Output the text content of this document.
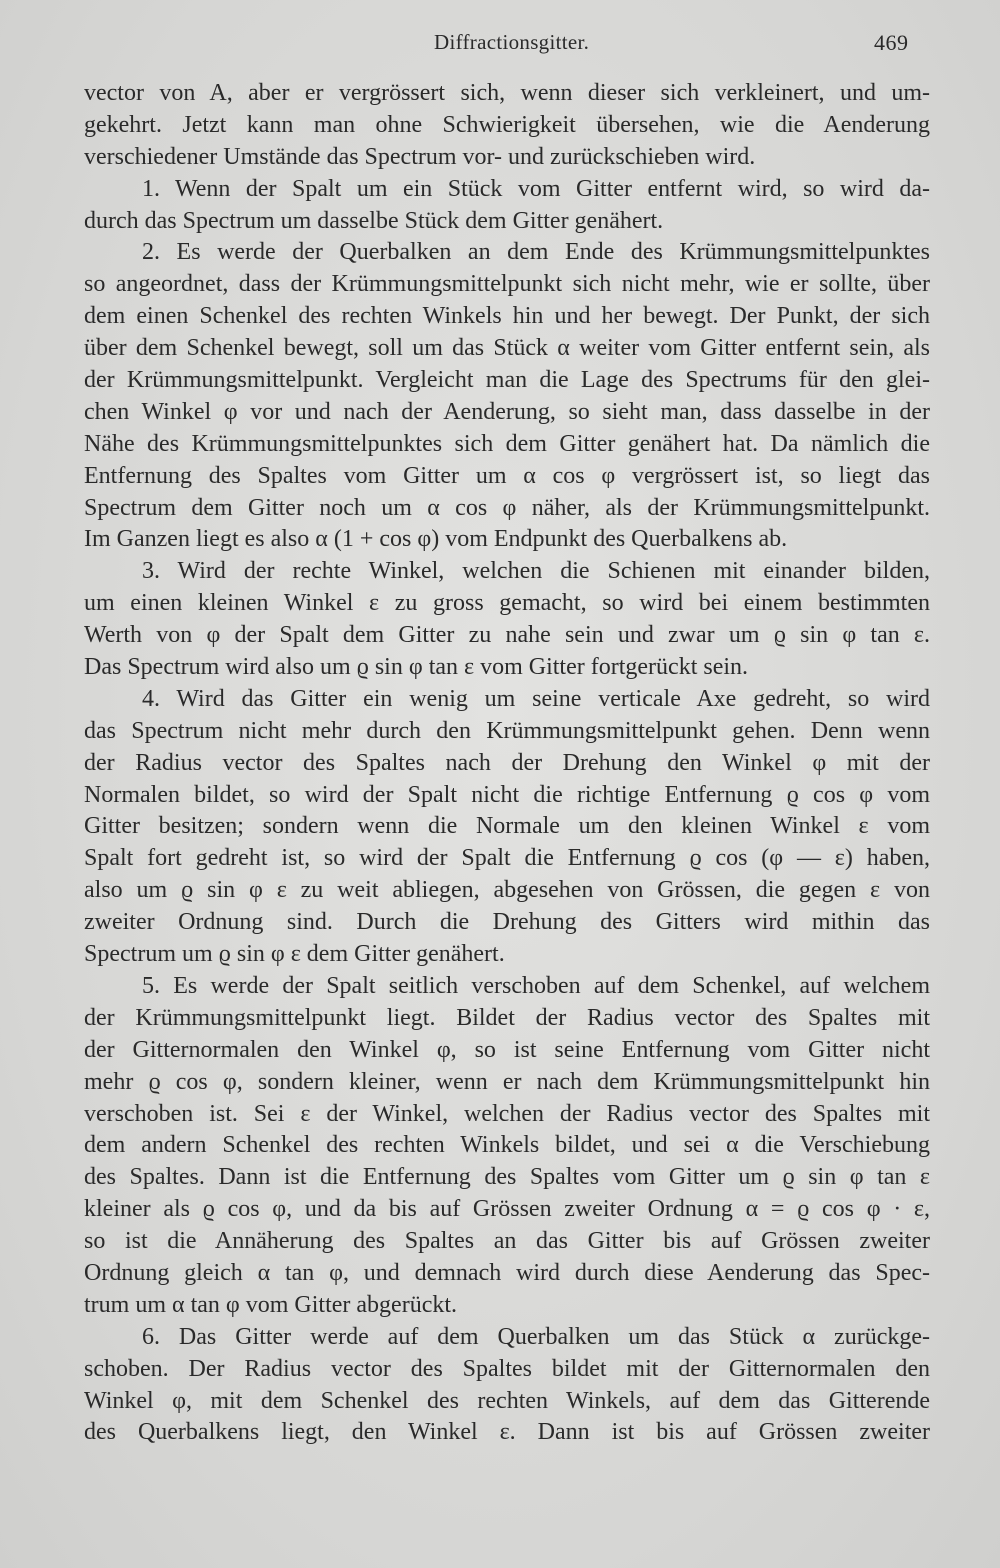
Diffractionsgitter.	469
vector von A, aber er vergrössert sich, wenn dieser sich verkleinert, und um-
gekehrt. Jetzt kann man ohne Schwierigkeit übersehen, wie die Aenderung
verschiedener Umstände das Spectrum vor- und zurückschieben wird.
1. Wenn der Spalt um ein Stück vom Gitter entfernt wird, so wird da-
durch das Spectrum um dasselbe Stück dem Gitter genähert.
2. Es werde der Querbalken an dem Ende des Krümmungsmittelpunktes
so angeordnet, dass der Krümmungsmittelpunkt sich nicht mehr, wie er sollte, über
dem einen Schenkel des rechten Winkels hin und her bewegt. Der Punkt, der sich
über dem Schenkel bewegt, soll um das Stück α weiter vom Gitter entfernt sein, als
der Krümmungsmittelpunkt. Vergleicht man die Lage des Spectrums für den glei-
chen Winkel φ vor und nach der Aenderung, so sieht man, dass dasselbe in der
Nähe des Krümmungsmittelpunktes sich dem Gitter genähert hat. Da nämlich die
Entfernung des Spaltes vom Gitter um α cos φ vergrössert ist, so liegt das
Spectrum dem Gitter noch um α cos φ näher, als der Krümmungsmittelpunkt.
Im Ganzen liegt es also α (1 + cos φ) vom Endpunkt des Querbalkens ab.
3. Wird der rechte Winkel, welchen die Schienen mit einander bilden,
um einen kleinen Winkel ε zu gross gemacht, so wird bei einem bestimmten
Werth von φ der Spalt dem Gitter zu nahe sein und zwar um ϱ sin φ tan ε.
Das Spectrum wird also um ϱ sin φ tan ε vom Gitter fortgerückt sein.
4. Wird das Gitter ein wenig um seine verticale Axe gedreht, so wird
das Spectrum nicht mehr durch den Krümmungsmittelpunkt gehen. Denn wenn
der Radius vector des Spaltes nach der Drehung den Winkel φ mit der
Normalen bildet, so wird der Spalt nicht die richtige Entfernung ϱ cos φ vom
Gitter besitzen; sondern wenn die Normale um den kleinen Winkel ε vom
Spalt fort gedreht ist, so wird der Spalt die Entfernung ϱ cos (φ — ε) haben,
also um ϱ sin φ ε zu weit abliegen, abgesehen von Grössen, die gegen ε von
zweiter Ordnung sind. Durch die Drehung des Gitters wird mithin das
Spectrum um ϱ sin φ ε dem Gitter genähert.
5. Es werde der Spalt seitlich verschoben auf dem Schenkel, auf welchem
der Krümmungsmittelpunkt liegt. Bildet der Radius vector des Spaltes mit
der Gitternormalen den Winkel φ, so ist seine Entfernung vom Gitter nicht
mehr ϱ cos φ, sondern kleiner, wenn er nach dem Krümmungsmittelpunkt hin
verschoben ist. Sei ε der Winkel, welchen der Radius vector des Spaltes mit
dem andern Schenkel des rechten Winkels bildet, und sei α die Verschiebung
des Spaltes. Dann ist die Entfernung des Spaltes vom Gitter um ϱ sin φ tan ε
kleiner als ϱ cos φ, und da bis auf Grössen zweiter Ordnung α = ϱ cos φ · ε,
so ist die Annäherung des Spaltes an das Gitter bis auf Grössen zweiter
Ordnung gleich α tan φ, und demnach wird durch diese Aenderung das Spec-
trum um α tan φ vom Gitter abgerückt.
6. Das Gitter werde auf dem Querbalken um das Stück α zurückge-
schoben. Der Radius vector des Spaltes bildet mit der Gitternormalen den
Winkel φ, mit dem Schenkel des rechten Winkels, auf dem das Gitterende
des Querbalkens liegt, den Winkel ε. Dann ist bis auf Grössen zweiter
